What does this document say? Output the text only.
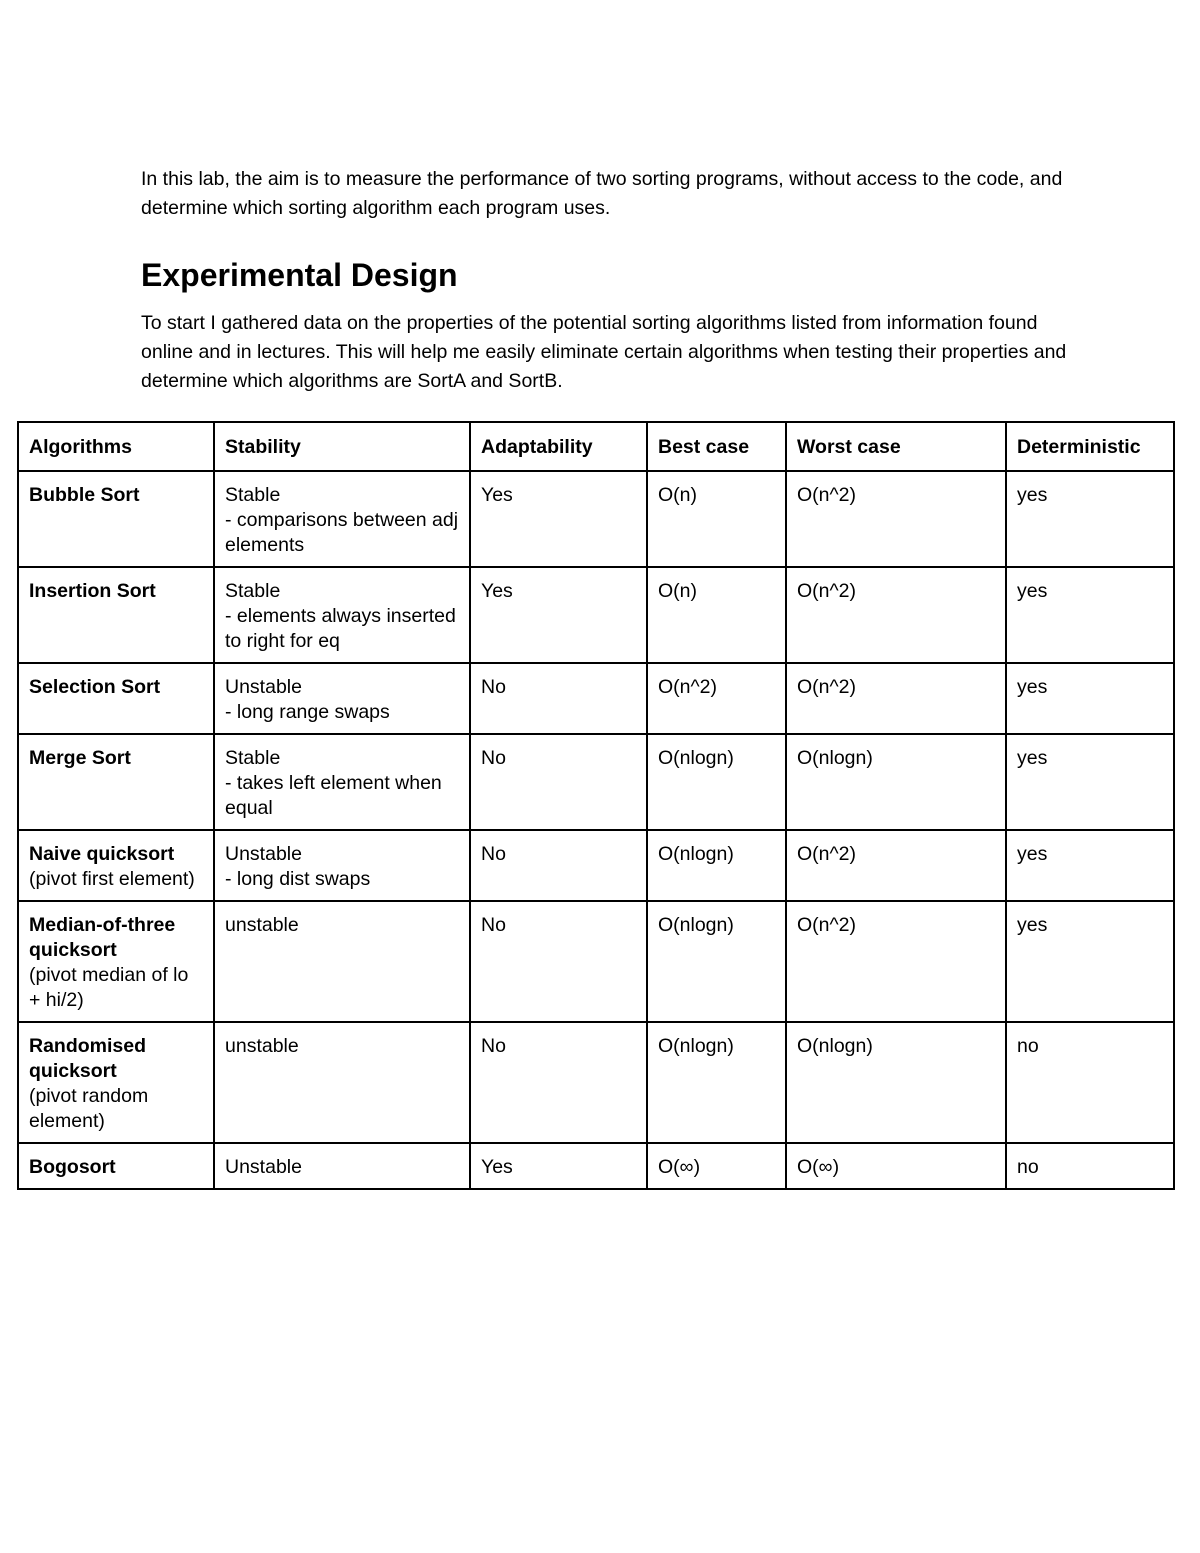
In this lab, the aim is to measure the performance of two sorting programs, without access to the code, and determine which sorting algorithm each program uses.

Experimental Design

To start I gathered data on the properties of the potential sorting algorithms listed from information found online and in lectures. This will help me easily eliminate certain algorithms when testing their properties and determine which algorithms are SortA and SortB.

Algorithms	Stability	Adaptability	Best case	Worst case	Deterministic

Bubble Sort	Stable
- comparisons between adj elements	Yes	O(n)	O(n^2)	yes

Insertion Sort	Stable
- elements always inserted to right for eq	Yes	O(n)	O(n^2)	yes

Selection Sort	Unstable
- long range swaps	No	O(n^2)	O(n^2)	yes

Merge Sort	Stable
- takes left element when equal	No	O(nlogn)	O(nlogn)	yes

Naive quicksort
(pivot first element)	Unstable
- long dist swaps	No	O(nlogn)	O(n^2)	yes

Median-of-three quicksort
(pivot median of lo + hi/2)	unstable	No	O(nlogn)	O(n^2)	yes

Randomised quicksort
(pivot random element)	unstable	No	O(nlogn)	O(nlogn)	no

Bogosort	Unstable	Yes	O(∞)	O(∞)	no
